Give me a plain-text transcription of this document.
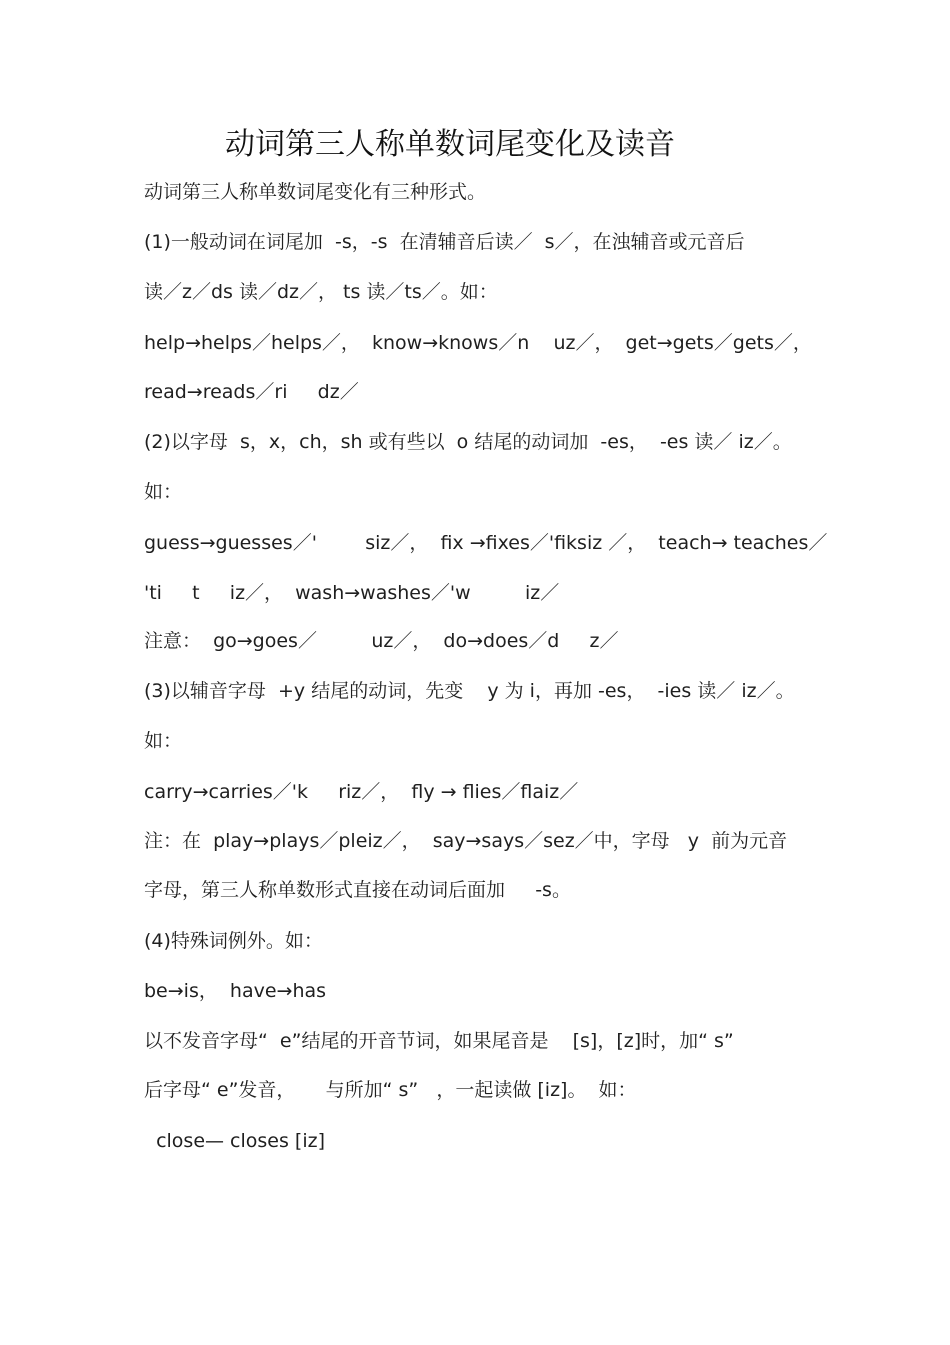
动词第三人称单数词尾变化及读音
动词第三人称单数词尾变化有三种形式。
(1)一般动词在词尾加  -s，-s  在清辅音后读／  s／，在浊辅音或元音后
读／z／ds 读／dz／， ts 读／ts／。如：
help→helps／helps／，  know→knows／n    uz／，  get→gets／gets／，
read→reads／ri     dz／
(2)以字母  s，x，ch，sh 或有些以  o 结尾的动词加  -es，  -es 读／ iz／。
如：
guess→guesses／'        siz／，  fix →fixes／'fiksiz ／，  teach→ teaches／
'ti     t     iz／，  wash→washes／'w         iz／
注意：  go→goes／         uz／，  do→does／d     z／
(3)以辅音字母  +y 结尾的动词，先变    y 为 i，再加 -es，  -ies 读／ iz／。
如：
carry→carries／'k     riz／，  fly → flies／flaiz／
注：在  play→plays／pleiz／，  say→says／sez／中，字母   y  前为元音
字母，第三人称单数形式直接在动词后面加     -s。
(4)特殊词例外。如：
be→is，  have→has
以不发音字母“  e”结尾的开音节词，如果尾音是    [s]，[z]时，加“ s”
后字母“ e”发音，     与所加“ s”   ，一起读做 [iz]。  如：
close— closes [iz]
